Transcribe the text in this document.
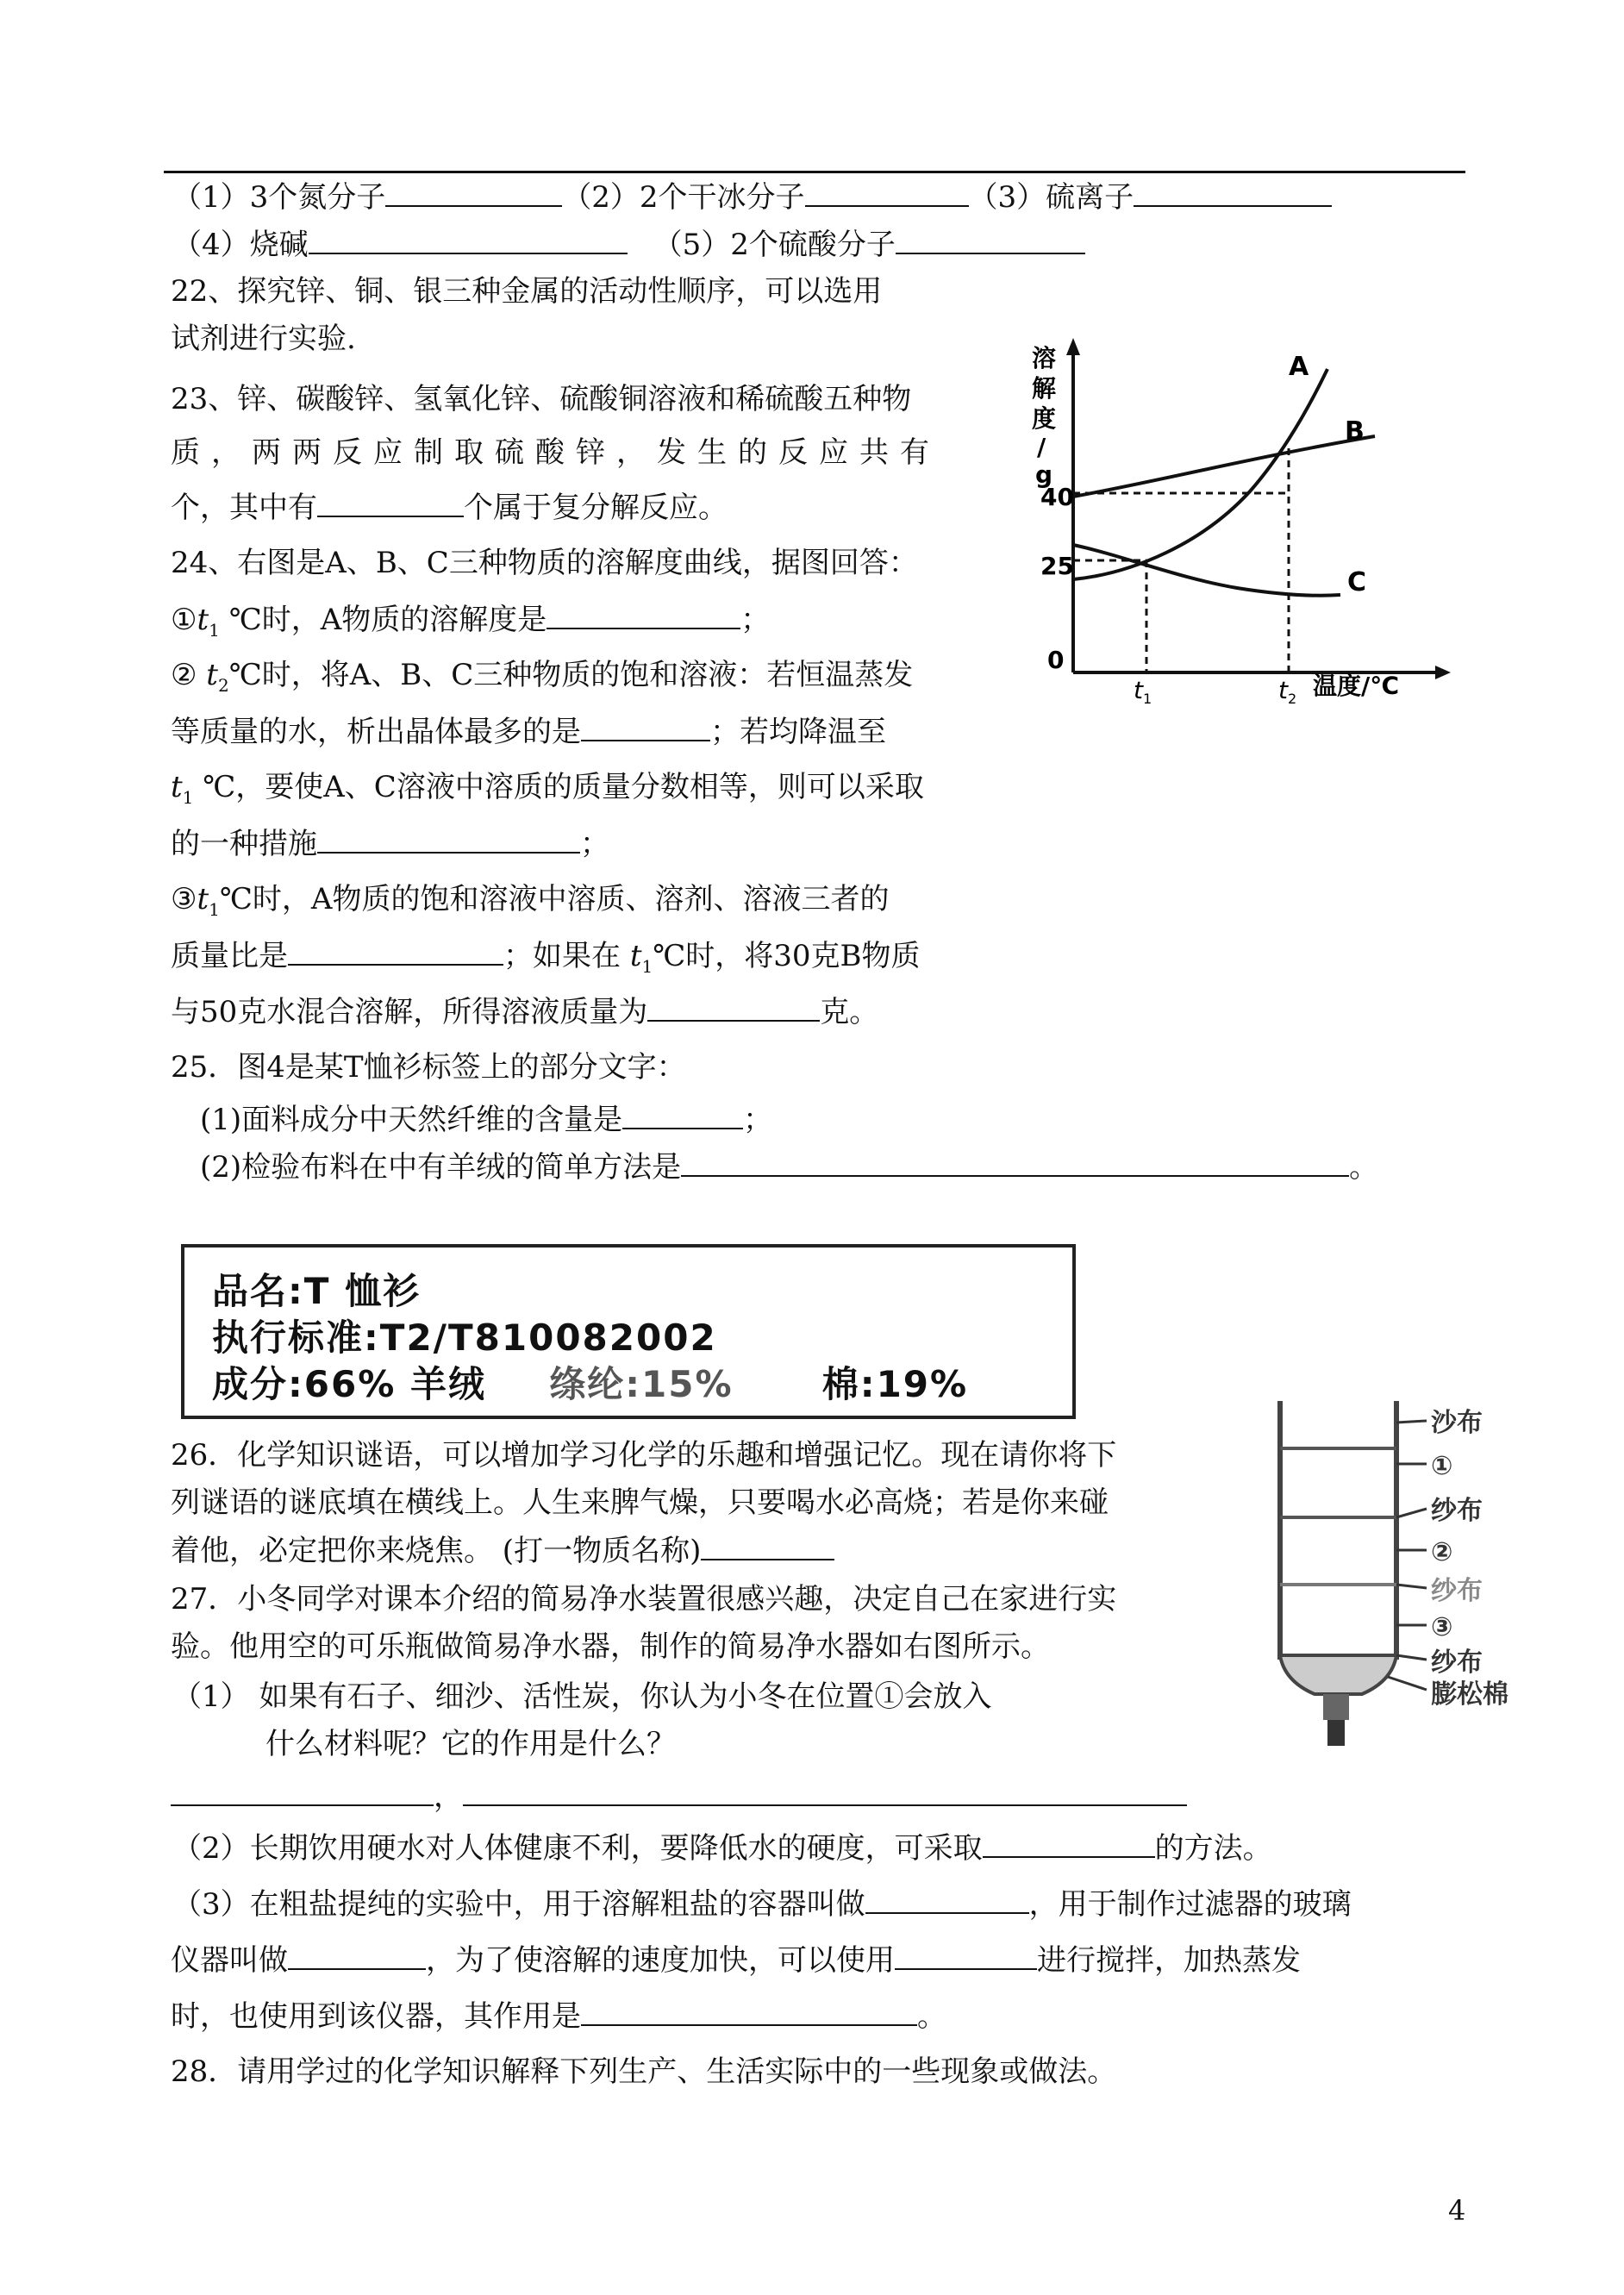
（1）3个氮分子	（2）2个干冰分子	（3）硫离子
（4）烧碱	（5）2个硫酸分子
22、探究锌、铜、银三种金属的活动性顺序，可以选用
试剂进行实验.
23、锌、碳酸锌、氢氧化锌、硫酸铜溶液和稀硫酸五种物
质，两两反应制取硫酸锌，发生的反应共有
个，其中有	个属于复分解反应。
24、右图是A、B、C三种物质的溶解度曲线，据图回答：
$①t_1$ ℃时，A物质的溶解度是	；
② $t_2℃$时，将A、B、C三种物质的饱和溶液：若恒温蒸发
等质量的水，析出晶体最多的是	；若均降温至
$t_1$ ℃，要使A、C溶液中溶质的质量分数相等，则可以采取
的一种措施	；
$③t_1℃$时，A物质的饱和溶液中溶质、溶剂、溶液三者的
质量比是	；如果在 $t_1℃$时，将30克B物质
与50克水混合溶解，所得溶液质量为	克。
25．图4是某T恤衫标签上的部分文字：
(1)面料成分中天然纤维的含量是	；
(2)检验布料在中有羊绒的简单方法是	。
品名:T 恤衫
执行标准:T2/T810082002
成分:66% 羊绒 绦纶:15% 棉:19%
26．化学知识谜语，可以增加学习化学的乐趣和增强记忆。现在请你将下
列谜语的谜底填在横线上。人生来脾气燥，只要喝水必高烧；若是你来碰
着他，必定把你来烧焦。 (打一物质名称)
27．小冬同学对课本介绍的简易净水装置很感兴趣，决定自己在家进行实
验。他用空的可乐瓶做简易净水器，制作的简易净水器如右图所示。
（1） 如果有石子、细沙、活性炭，你认为小冬在位置①会放入
什么材料呢？它的作用是什么？
，
（2）长期饮用硬水对人体健康不利，要降低水的硬度，可采取	的方法。
（3）在粗盐提纯的实验中，用于溶解粗盐的容器叫做	，用于制作过滤器的玻璃
仪器叫做	，为了使溶解的速度加快，可以使用	进行搅拌，加热蒸发
时，也使用到该仪器，其作用是	。
28．请用学过的化学知识解释下列生产、生活实际中的一些现象或做法。
4
溶
解
度
/
g
40
25
0
t 1	t 2 温度/℃
A
B
C
沙布
①
纱布
②
纱布
③
纱布
膨松棉
